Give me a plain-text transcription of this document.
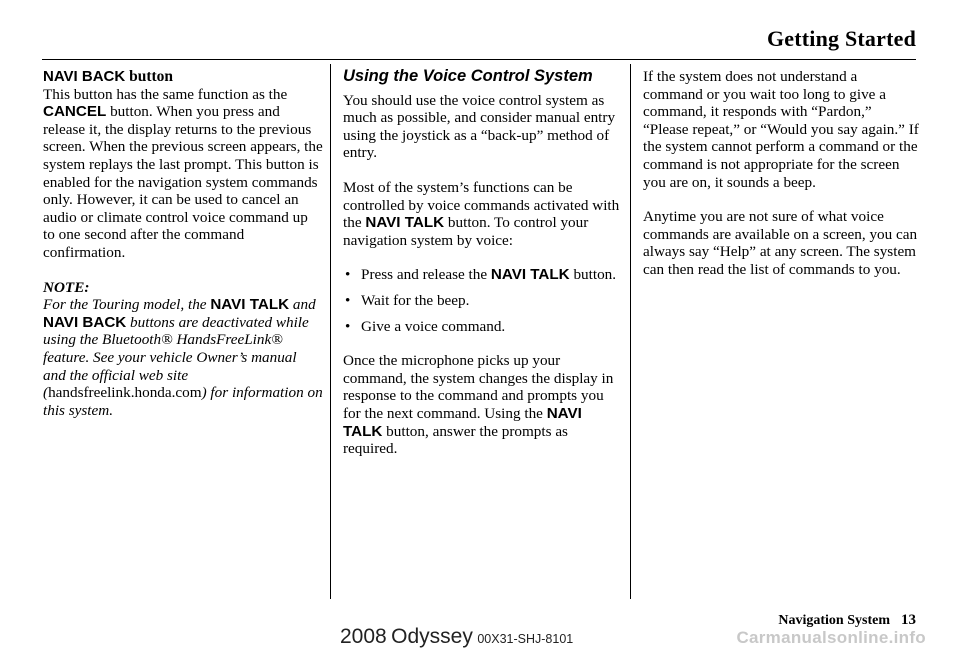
Getting Started
NAVI BACK button

This button has the same function as the CANCEL button. When you press and release it, the display returns to the previous screen. When the previous screen appears, the system replays the last prompt. This button is enabled for the navigation system commands only. However, it can be used to cancel an audio or climate control voice command up to one second after the command confirmation.

NOTE:

For the Touring model, the NAVI TALK and NAVI BACK buttons are deactivated while using the Bluetooth® HandsFreeLink® feature. See your vehicle Owner’s manual and the official web site (handsfreelink.honda.com) for information on this system.

Using the Voice Control System

You should use the voice control system as much as possible, and consider manual entry using the joystick as a “back-up” method of entry.

Most of the system’s functions can be controlled by voice commands activated with the NAVI TALK button. To control your navigation system by voice:

• Press and release the NAVI TALK button.
• Wait for the beep.
• Give a voice command.

Once the microphone picks up your command, the system changes the display in response to the command and prompts you for the next command. Using the NAVI TALK button, answer the prompts as required.

If the system does not understand a command or you wait too long to give a command, it responds with “Pardon,” “Please repeat,” or “Would you say again.” If the system cannot perform a command or the command is not appropriate for the screen you are on, it sounds a beep.

Anytime you are not sure of what voice commands are available on a screen, you can always say “Help” at any screen. The system can then read the list of commands to you.

Navigation System 13
2008 Odyssey 00X31-SHJ-8101	Carmanualsonline.info
